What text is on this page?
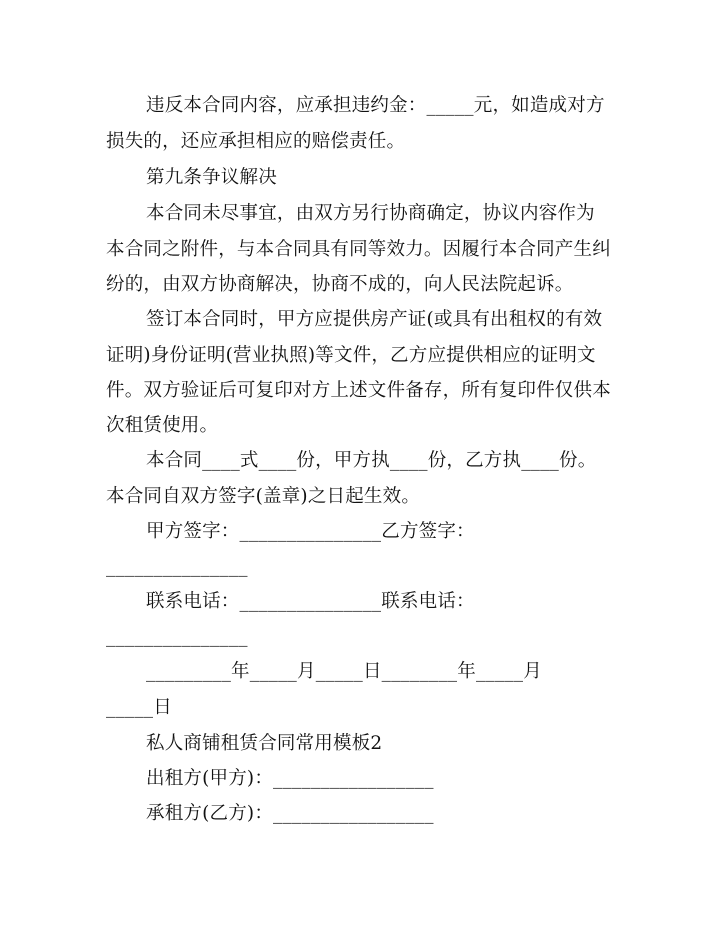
违反本合同内容，应承担违约金：_____元，如造成对方
损失的，还应承担相应的赔偿责任。
第九条争议解决
本合同未尽事宜，由双方另行协商确定，协议内容作为
本合同之附件，与本合同具有同等效力。因履行本合同产生纠
纷的，由双方协商解决，协商不成的，向人民法院起诉。
签订本合同时，甲方应提供房产证(或具有出租权的有效
证明)身份证明(营业执照)等文件，乙方应提供相应的证明文
件。双方验证后可复印对方上述文件备存，所有复印件仅供本
次租赁使用。
本合同____式____份，甲方执____份，乙方执____份。
本合同自双方签字(盖章)之日起生效。
甲方签字：_______________乙方签字：
_______________
联系电话：_______________联系电话：
_______________
_________年_____月_____日________年_____月
_____日
私人商铺租赁合同常用模板2
出租方(甲方)：_________________
承租方(乙方)：_________________
